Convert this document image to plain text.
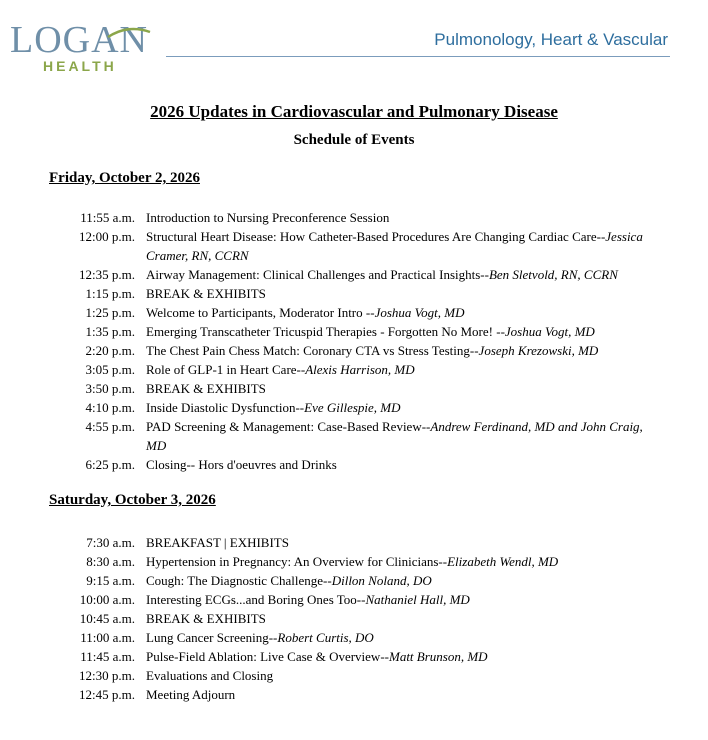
LOGAN
HEALTH
Pulmonology, Heart & Vascular
2026 Updates in Cardiovascular and Pulmonary Disease
Schedule of Events
Friday, October 2, 2026
11:55 a.m. Introduction to Nursing Preconference Session
12:00 p.m. Structural Heart Disease: How Catheter-Based Procedures Are Changing Cardiac Care--Jessica Cramer, RN, CCRN
12:35 p.m. Airway Management: Clinical Challenges and Practical Insights--Ben Sletvold, RN, CCRN
1:15 p.m. BREAK & EXHIBITS
1:25 p.m. Welcome to Participants, Moderator Intro --Joshua Vogt, MD
1:35 p.m. Emerging Transcatheter Tricuspid Therapies - Forgotten No More! --Joshua Vogt, MD
2:20 p.m. The Chest Pain Chess Match: Coronary CTA vs Stress Testing--Joseph Krezowski, MD
3:05 p.m. Role of GLP-1 in Heart Care--Alexis Harrison, MD
3:50 p.m. BREAK & EXHIBITS
4:10 p.m. Inside Diastolic Dysfunction--Eve Gillespie, MD
4:55 p.m. PAD Screening & Management: Case-Based Review--Andrew Ferdinand, MD and John Craig, MD
6:25 p.m. Closing-- Hors d'oeuvres and Drinks
Saturday, October 3, 2026
7:30 a.m. BREAKFAST | EXHIBITS
8:30 a.m. Hypertension in Pregnancy: An Overview for Clinicians--Elizabeth Wendl, MD
9:15 a.m. Cough: The Diagnostic Challenge--Dillon Noland, DO
10:00 a.m. Interesting ECGs...and Boring Ones Too--Nathaniel Hall, MD
10:45 a.m. BREAK & EXHIBITS
11:00 a.m. Lung Cancer Screening--Robert Curtis, DO
11:45 a.m. Pulse-Field Ablation: Live Case & Overview--Matt Brunson, MD
12:30 p.m. Evaluations and Closing
12:45 p.m. Meeting Adjourn
